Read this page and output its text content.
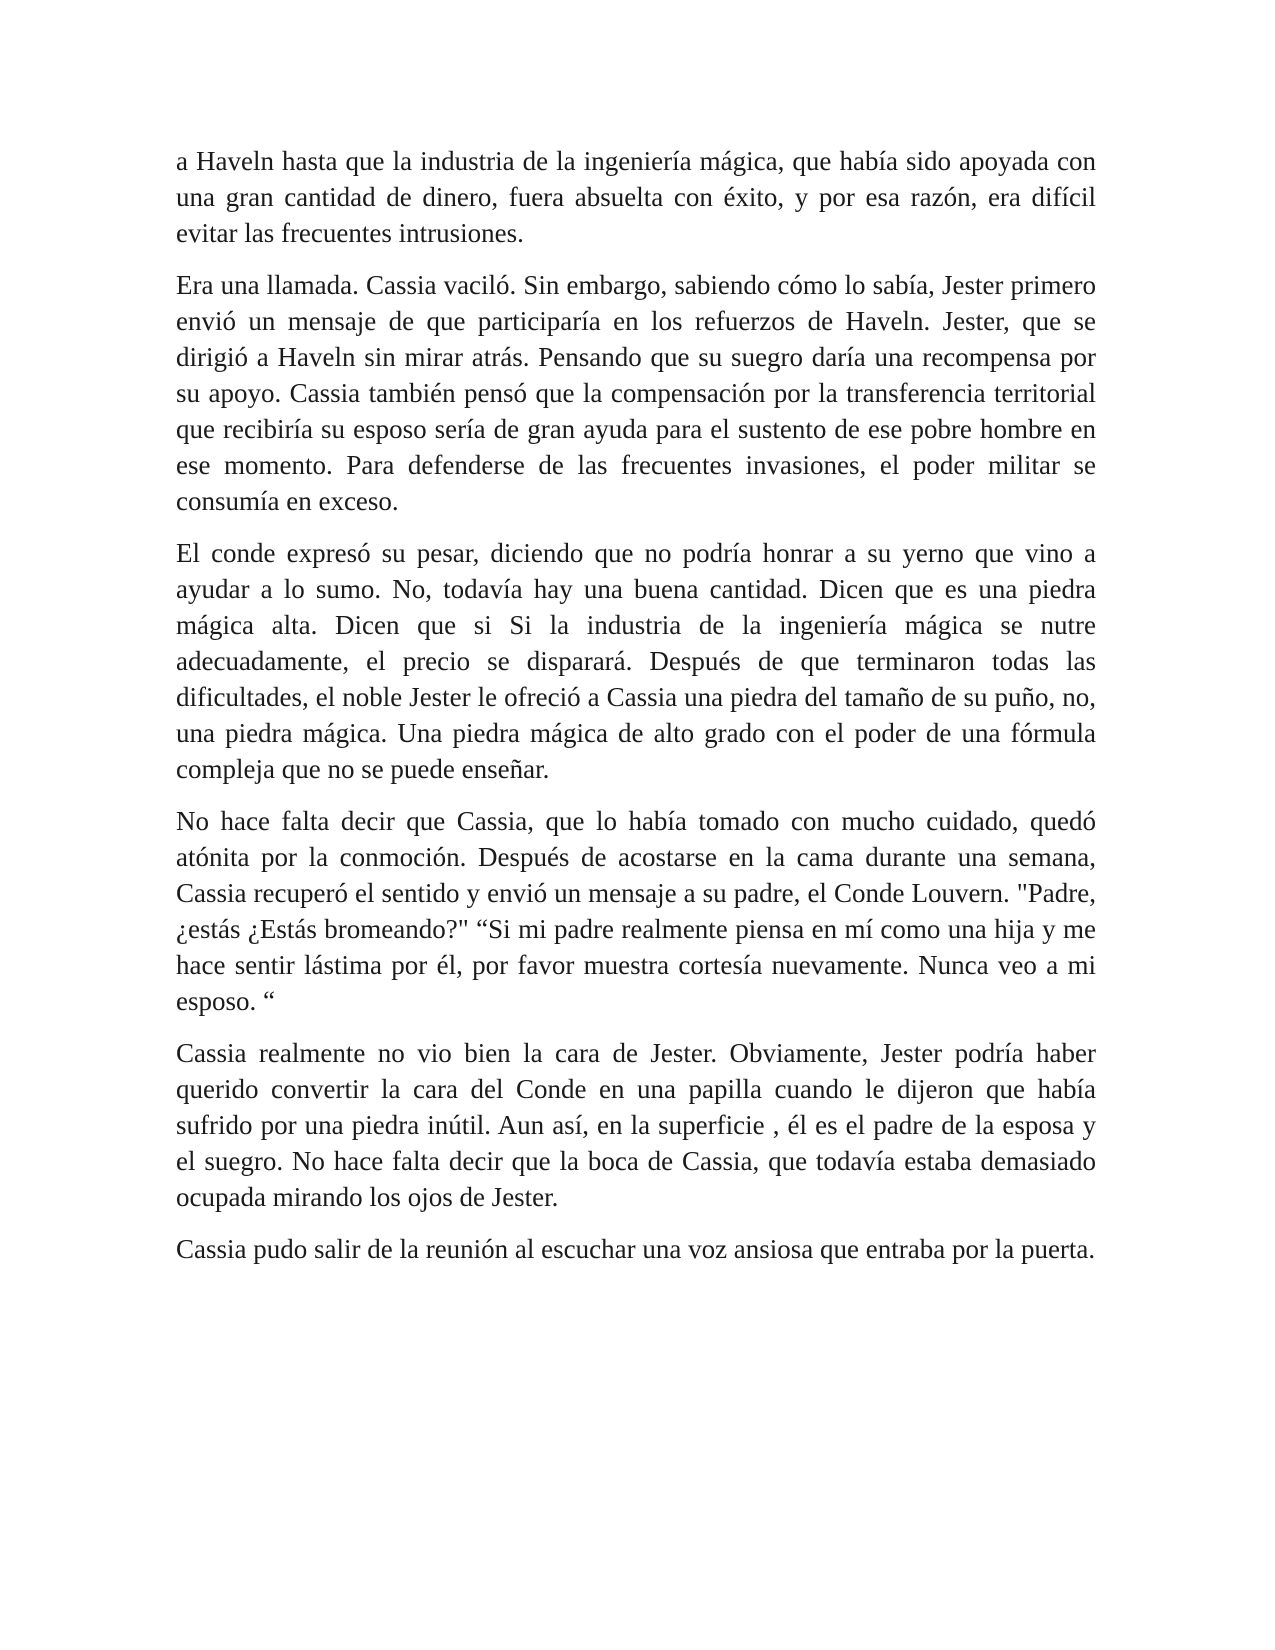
a Haveln hasta que la industria de la ingeniería mágica, que había sido apoyada con una gran cantidad de dinero, fuera absuelta con éxito, y por esa razón, era difícil evitar las frecuentes intrusiones.

Era una llamada. Cassia vaciló. Sin embargo, sabiendo cómo lo sabía, Jester primero envió un mensaje de que participaría en los refuerzos de Haveln. Jester, que se dirigió a Haveln sin mirar atrás. Pensando que su suegro daría una recompensa por su apoyo. Cassia también pensó que la compensación por la transferencia territorial que recibiría su esposo sería de gran ayuda para el sustento de ese pobre hombre en ese momento. Para defenderse de las frecuentes invasiones, el poder militar se consumía en exceso.

El conde expresó su pesar, diciendo que no podría honrar a su yerno que vino a ayudar a lo sumo. No, todavía hay una buena cantidad. Dicen que es una piedra mágica alta. Dicen que si Si la industria de la ingeniería mágica se nutre adecuadamente, el precio se disparará. Después de que terminaron todas las dificultades, el noble Jester le ofreció a Cassia una piedra del tamaño de su puño, no, una piedra mágica. Una piedra mágica de alto grado con el poder de una fórmula compleja que no se puede enseñar.

No hace falta decir que Cassia, que lo había tomado con mucho cuidado, quedó atónita por la conmoción. Después de acostarse en la cama durante una semana, Cassia recuperó el sentido y envió un mensaje a su padre, el Conde Louvern. "Padre, ¿estás ¿Estás bromeando?" “Si mi padre realmente piensa en mí como una hija y me hace sentir lástima por él, por favor muestra cortesía nuevamente. Nunca veo a mi esposo. “

Cassia realmente no vio bien la cara de Jester. Obviamente, Jester podría haber querido convertir la cara del Conde en una papilla cuando le dijeron que había sufrido por una piedra inútil. Aun así, en la superficie , él es el padre de la esposa y el suegro. No hace falta decir que la boca de Cassia, que todavía estaba demasiado ocupada mirando los ojos de Jester.

Cassia pudo salir de la reunión al escuchar una voz ansiosa que entraba por la puerta.
